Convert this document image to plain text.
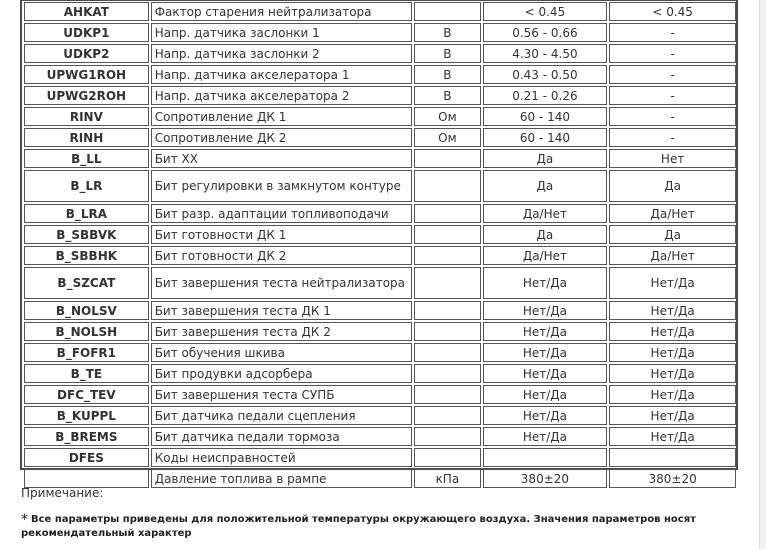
AHKAT	Фактор старения нейтрализатора		< 0.45	< 0.45
UDKP1	Напр. датчика заслонки 1	В	0.56 - 0.66	-
UDKP2	Напр. датчика заслонки 2	В	4.30 - 4.50	-
UPWG1ROH	Напр. датчика акселератора 1	В	0.43 - 0.50	-
UPWG2ROH	Напр. датчика акселератора 2	В	0.21 - 0.26	-
RINV	Сопротивление ДК 1	Ом	60 - 140	-
RINH	Сопротивление ДК 2	Ом	60 - 140	-
B_LL	Бит ХХ		Да	Нет
B_LR	Бит регулировки в замкнутом контуре		Да	Да
B_LRA	Бит разр. адаптации топливоподачи		Да/Нет	Да/Нет
B_SBBVK	Бит готовности ДК 1		Да	Да
B_SBBHK	Бит готовности ДК 2		Да/Нет	Да/Нет
B_SZCAT	Бит завершения теста нейтрализатора		Нет/Да	Нет/Да
B_NOLSV	Бит завершения теста ДК 1		Нет/Да	Нет/Да
B_NOLSH	Бит завершения теста ДК 2		Нет/Да	Нет/Да
B_FOFR1	Бит обучения шкива		Нет/Да	Нет/Да
B_TE	Бит продувки адсорбера		Нет/Да	Нет/Да
DFC_TEV	Бит завершения теста СУПБ		Нет/Да	Нет/Да
B_KUPPL	Бит датчика педали сцепления		Нет/Да	Нет/Да
B_BREMS	Бит датчика педали тормоза		Нет/Да	Нет/Да
DFES	Коды неисправностей			
	Давление топлива в рампе	кПа	380±20	380±20
Примечание:
* Все параметры приведены для положительной температуры окружающего воздуха. Значения параметров носят рекомендательный характер
